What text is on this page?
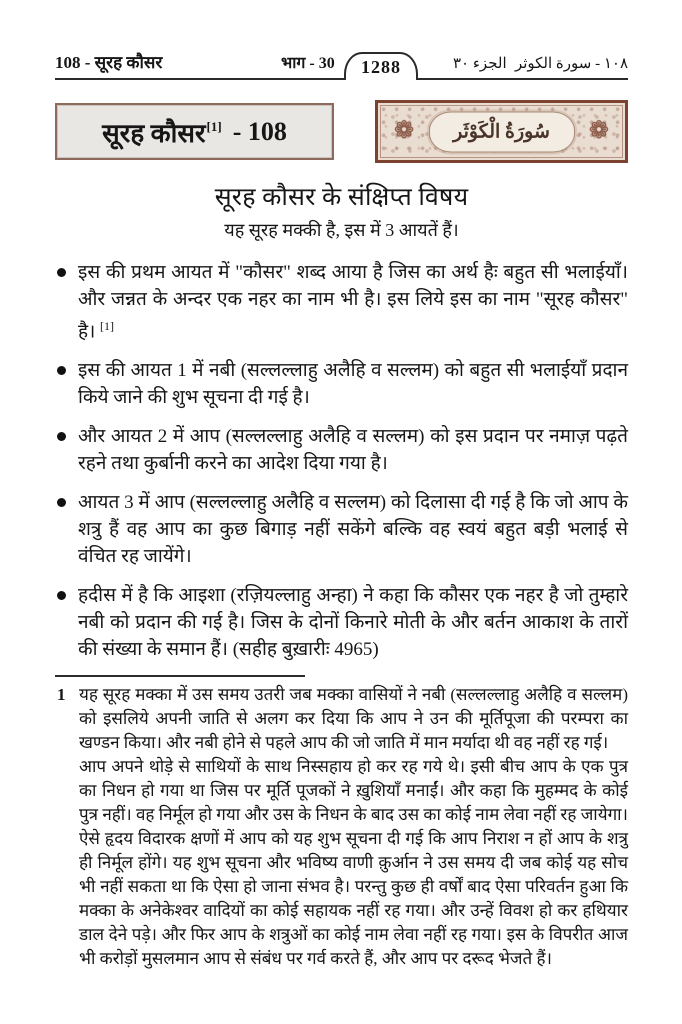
108 - सूरह कौसर	भाग - 30	1288	الجزء ٣٠ ١٠٨ - سورة الكوثر
सूरह कौसर [1] - 108	❁	❁
سُورَةُ الْكَوْثَر
सूरह कौसर के संक्षिप्त विषय
यह सूरह मक्की है, इस में 3 आयतें हैं।
इस की प्रथम आयत में "कौसर" शब्द आया है जिस का अर्थ हैः बहुत सी भलाईयाँ। और जन्नत के अन्दर एक नहर का नाम भी है। इस लिये इस का नाम "सूरह कौसर" है। [1]
इस की आयत 1 में नबी (सल्लल्लाहु अलैहि व सल्लम) को बहुत सी भलाईयाँ प्रदान किये जाने की शुभ सूचना दी गई है।
और आयत 2 में आप (सल्लल्लाहु अलैहि व सल्लम) को इस प्रदान पर नमाज़ पढ़ते रहने तथा कुर्बानी करने का आदेश दिया गया है।
आयत 3 में आप (सल्लल्लाहु अलैहि व सल्लम) को दिलासा दी गई है कि जो आप के शत्रु हैं वह आप का कुछ बिगाड़ नहीं सकेंगे बल्कि वह स्वयं बहुत बड़ी भलाई से वंचित रह जायेंगे।
हदीस में है कि आइशा (रज़ियल्लाहु अन्हा) ने कहा कि कौसर एक नहर है जो तुम्हारे नबी को प्रदान की गई है। जिस के दोनों किनारे मोती के और बर्तन आकाश के तारों की संख्या के समान हैं। (सहीह बुख़ारीः 4965)
1 यह सूरह मक्का में उस समय उतरी जब मक्का वासियों ने नबी (सल्लल्लाहु अलैहि व सल्लम) को इसलिये अपनी जाति से अलग कर दिया कि आप ने उन की मूर्तिपूजा की परम्परा का खण्डन किया। और नबी होने से पहले आप की जो जाति में मान मर्यादा थी वह नहीं रह गई।

आप अपने थोड़े से साथियों के साथ निस्सहाय हो कर रह गये थे। इसी बीच आप के एक पुत्र का निधन हो गया था जिस पर मूर्ति पूजकों ने ख़ुशियाँ मनाईं। और कहा कि मुहम्मद के कोई पुत्र नहीं। वह निर्मूल हो गया और उस के निधन के बाद उस का कोई नाम लेवा नहीं रह जायेगा। ऐसे हृदय विदारक क्षणों में आप को यह शुभ सूचना दी गई कि आप निराश न हों आप के शत्रु ही निर्मूल होंगे। यह शुभ सूचना और भविष्य वाणी क़ुर्आन ने उस समय दी जब कोई यह सोच भी नहीं सकता था कि ऐसा हो जाना संभव है। परन्तु कुछ ही वर्षों बाद ऐसा परिवर्तन हुआ कि मक्का के अनेकेश्वर वादियों का कोई सहायक नहीं रह गया। और उन्हें विवश हो कर हथियार डाल देने पड़े। और फिर आप के शत्रुओं का कोई नाम लेवा नहीं रह गया। इस के विपरीत आज भी करोड़ों मुसलमान आप से संबंध पर गर्व करते हैं, और आप पर दरूद भेजते हैं।
